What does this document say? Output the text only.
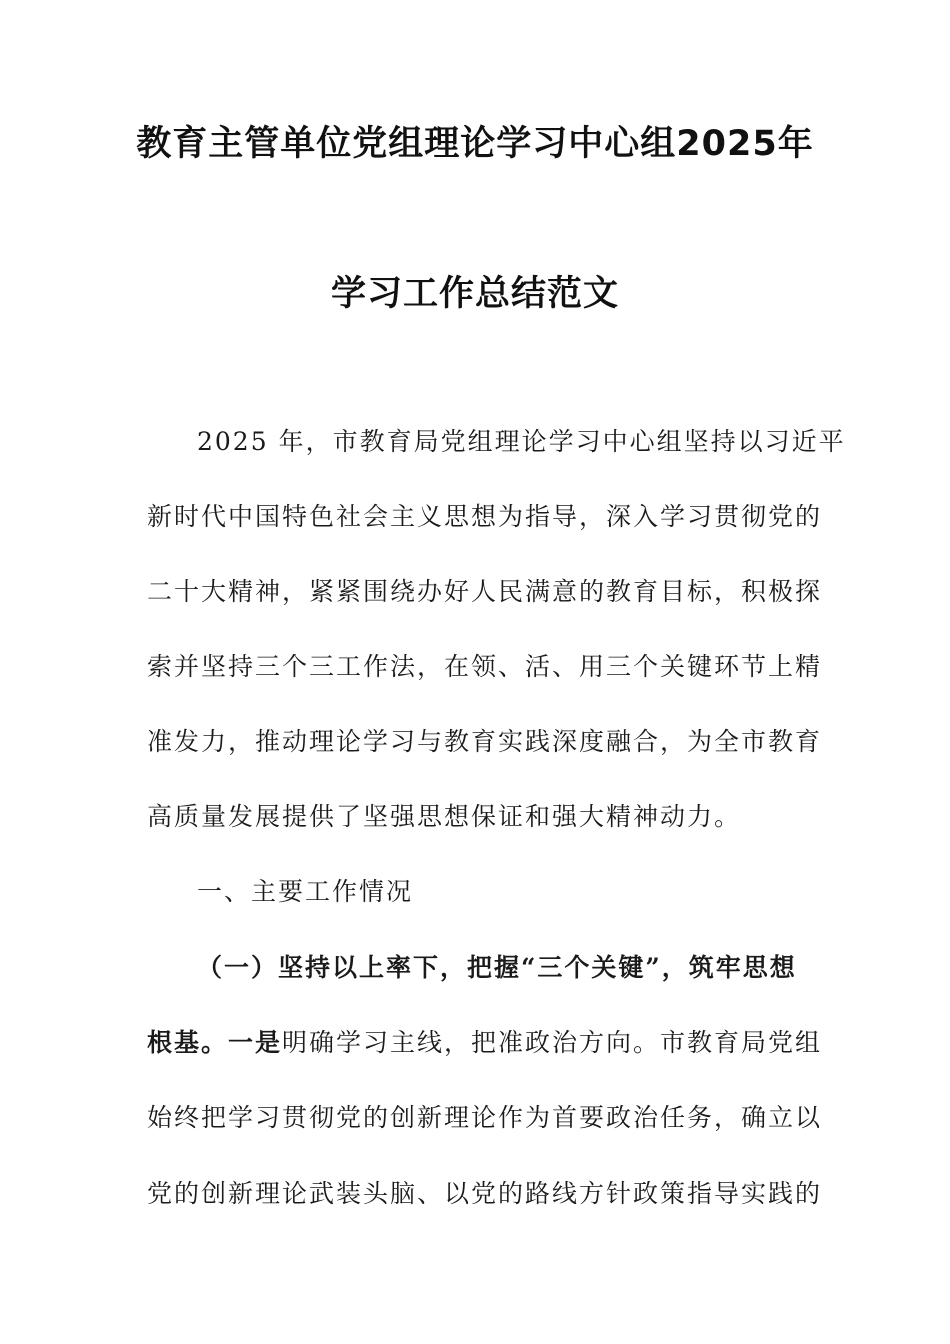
教育主管单位党组理论学习中心组2025年
学习工作总结范文
2025 年，市教育局党组理论学习中心组坚持以习近平
新时代中国特色社会主义思想为指导，深入学习贯彻党的
二十大精神，紧紧围绕办好人民满意的教育目标，积极探
索并坚持三个三工作法，在领、活、用三个关键环节上精
准发力，推动理论学习与教育实践深度融合，为全市教育
高质量发展提供了坚强思想保证和强大精神动力。
一、主要工作情况
（一）坚持以上率下，把握“三个关键”，筑牢思想
根基。一是明确学习主线，把准政治方向。市教育局党组
始终把学习贯彻党的创新理论作为首要政治任务，确立以
党的创新理论武装头脑、以党的路线方针政策指导实践的
